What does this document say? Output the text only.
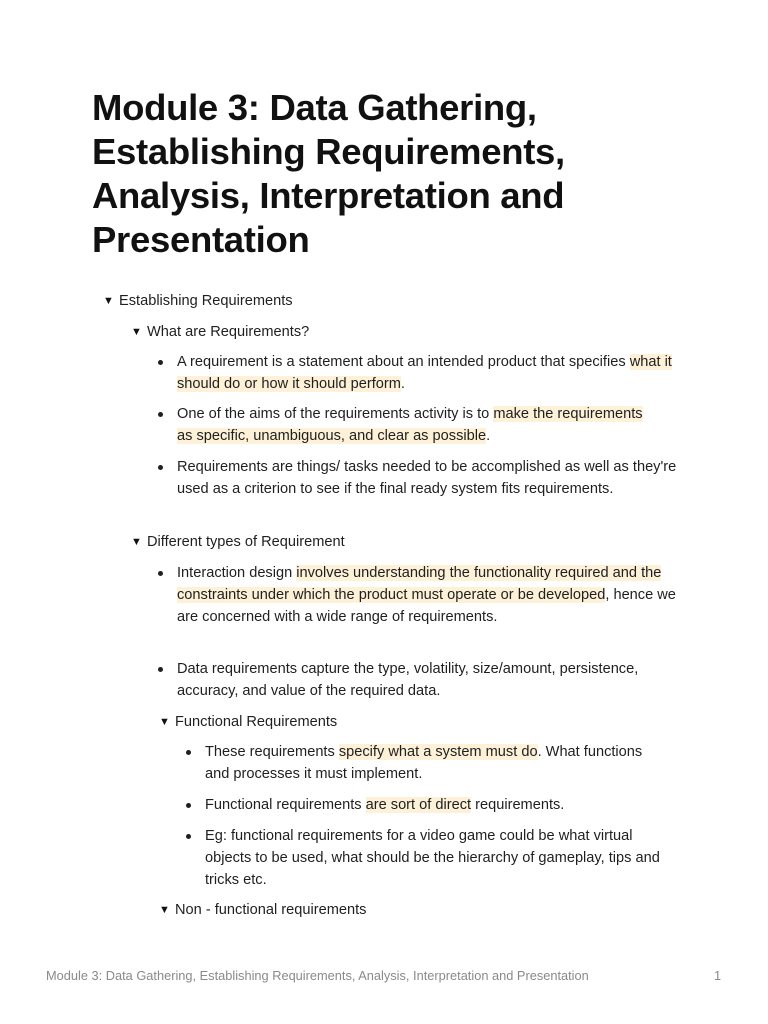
Module 3: Data Gathering, Establishing Requirements, Analysis, Interpretation and Presentation
▼ Establishing Requirements
▼ What are Requirements?
A requirement is a statement about an intended product that specifies what it should do or how it should perform.
One of the aims of the requirements activity is to make the requirements as specific, unambiguous, and clear as possible.
Requirements are things/ tasks needed to be accomplished as well as they're used as a criterion to see if the final ready system fits requirements.
▼ Different types of Requirement
Interaction design involves understanding the functionality required and the constraints under which the product must operate or be developed, hence we are concerned with a wide range of requirements.
Data requirements capture the type, volatility, size/amount, persistence, accuracy, and value of the required data.
▼ Functional Requirements
These requirements specify what a system must do. What functions and processes it must implement.
Functional requirements are sort of direct requirements.
Eg: functional requirements for a video game could be what virtual objects to be used, what should be the hierarchy of gameplay, tips and tricks etc.
▼ Non - functional requirements
Module 3: Data Gathering, Establishing Requirements, Analysis, Interpretation and Presentation	1
